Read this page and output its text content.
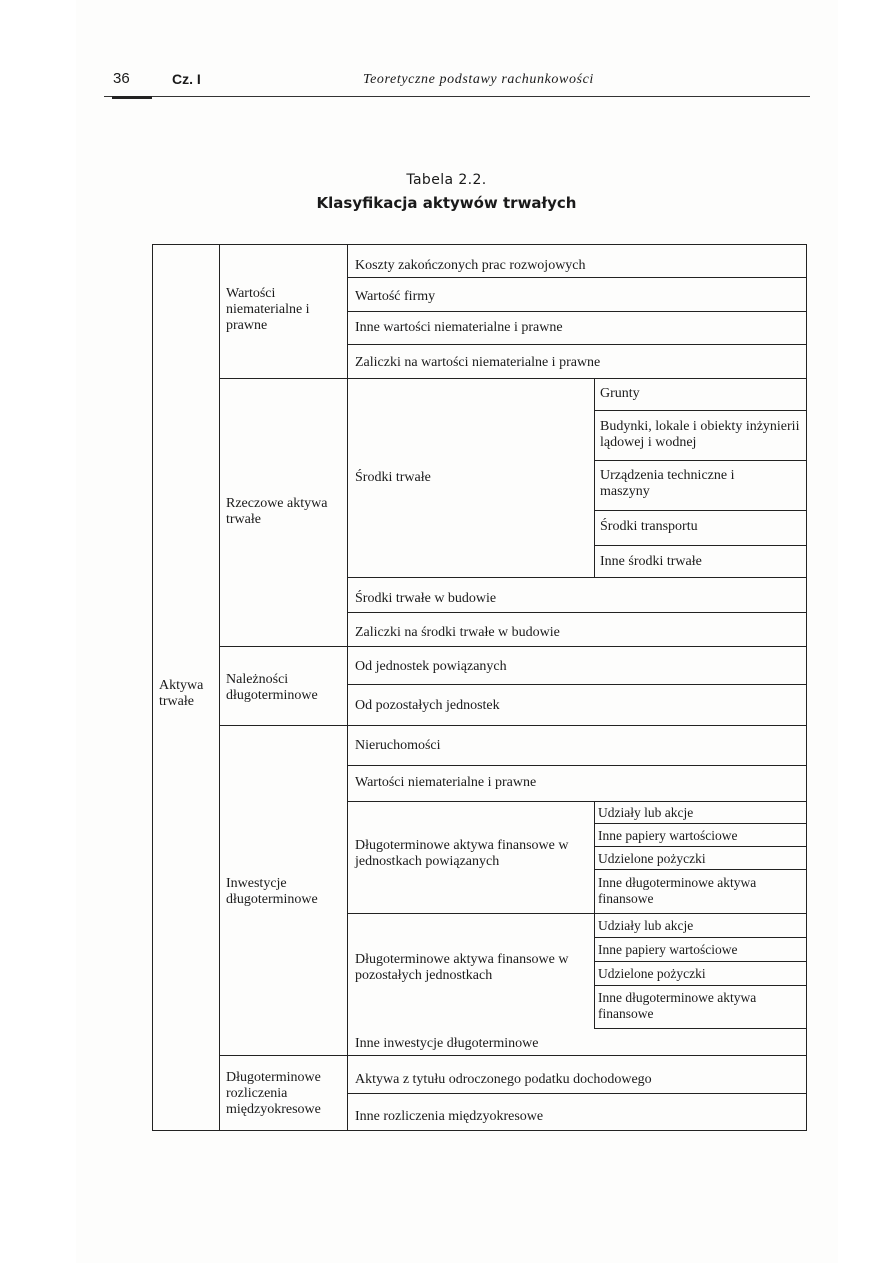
36	Cz. I	Teoretyczne podstawy rachunkowości
Tabela 2.2.
Klasyfikacja aktywów trwałych
Aktywa trwałe
Wartości niematerialne i prawne
Koszty zakończonych prac rozwojowych
Wartość firmy
Inne wartości niematerialne i prawne
Zaliczki na wartości niematerialne i prawne
Rzeczowe aktywa trwałe
Środki trwałe
Grunty
Budynki, lokale i obiekty inżynierii lądowej i wodnej
Urządzenia techniczne i maszyny
Środki transportu
Inne środki trwałe
Środki trwałe w budowie
Zaliczki na środki trwałe w budowie
Należności długoterminowe
Od jednostek powiązanych
Od pozostałych jednostek
Inwestycje długoterminowe
Nieruchomości
Wartości niematerialne i prawne
Długoterminowe aktywa finansowe w jednostkach powiązanych
Udziały lub akcje
Inne papiery wartościowe
Udzielone pożyczki
Inne długoterminowe aktywa finansowe
Długoterminowe aktywa finansowe w pozostałych jednostkach
Udziały lub akcje
Inne papiery wartościowe
Udzielone pożyczki
Inne długoterminowe aktywa finansowe
Inne inwestycje długoterminowe
Długoterminowe rozliczenia międzyokresowe
Aktywa z tytułu odroczonego podatku dochodowego
Inne rozliczenia międzyokresowe
